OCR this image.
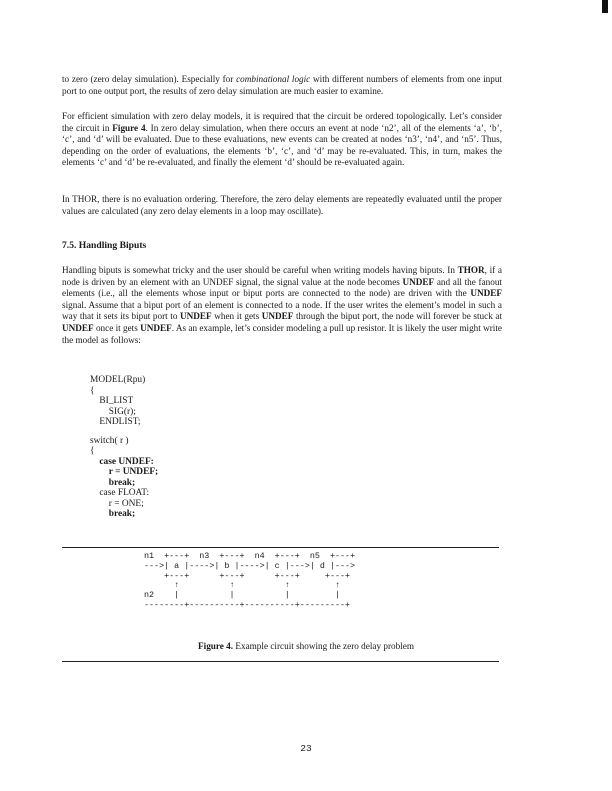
to zero (zero delay simulation). Especially for combinational logic with different numbers of elements from one input port to one output port, the results of zero delay simulation are much easier to examine.

For efficient simulation with zero delay models, it is required that the circuit be ordered topologically. Let’s consider the circuit in Figure 4. In zero delay simulation, when there occurs an event at node ‘n2’, all of the elements ‘a’, ‘b’, ‘c’, and ‘d’ will be evaluated. Due to these evaluations, new events can be created at nodes ‘n3’, ‘n4’, and ‘n5’. Thus, depending on the order of evaluations, the elements ‘b’, ‘c’, and ‘d’ may be re-evaluated. This, in turn, makes the elements ‘c’ and ‘d’ be re-evaluated, and finally the element ‘d’ should be re-evaluated again.

In THOR, there is no evaluation ordering. Therefore, the zero delay elements are repeatedly evaluated until the proper values are calculated (any zero delay elements in a loop may oscillate).

7.5. Handling Biputs

Handling biputs is somewhat tricky and the user should be careful when writing models having biputs. In THOR, if a node is driven by an element with an UNDEF signal, the signal value at the node becomes UNDEF and all the fanout elements (i.e., all the elements whose input or biput ports are connected to the node) are driven with the UNDEF signal. Assume that a biput port of an element is connected to a node. If the user writes the element’s model in such a way that it sets its biput port to UNDEF when it gets UNDEF through the biput port, the node will forever be stuck at UNDEF once it gets UNDEF. As an example, let’s consider modeling a pull up resistor. It is likely the user might write the model as follows:

MODEL(Rpu)
{
BI_LIST
SIG(r);
ENDLIST;
switch( r )
{
case UNDEF:
r = UNDEF;
break;
case FLOAT:
r = ONE;
break;
n1  +---+  n3  +---+  n4  +---+  n5  +---+
--->| a |---->| b |---->| c |--->| d |--->
+---+      +---+      +---+     +---+
↑          ↑          ↑         ↑
n2    |          |          |         |
--------+----------+----------+---------+

Figure 4. Example circuit showing the zero delay problem

23
